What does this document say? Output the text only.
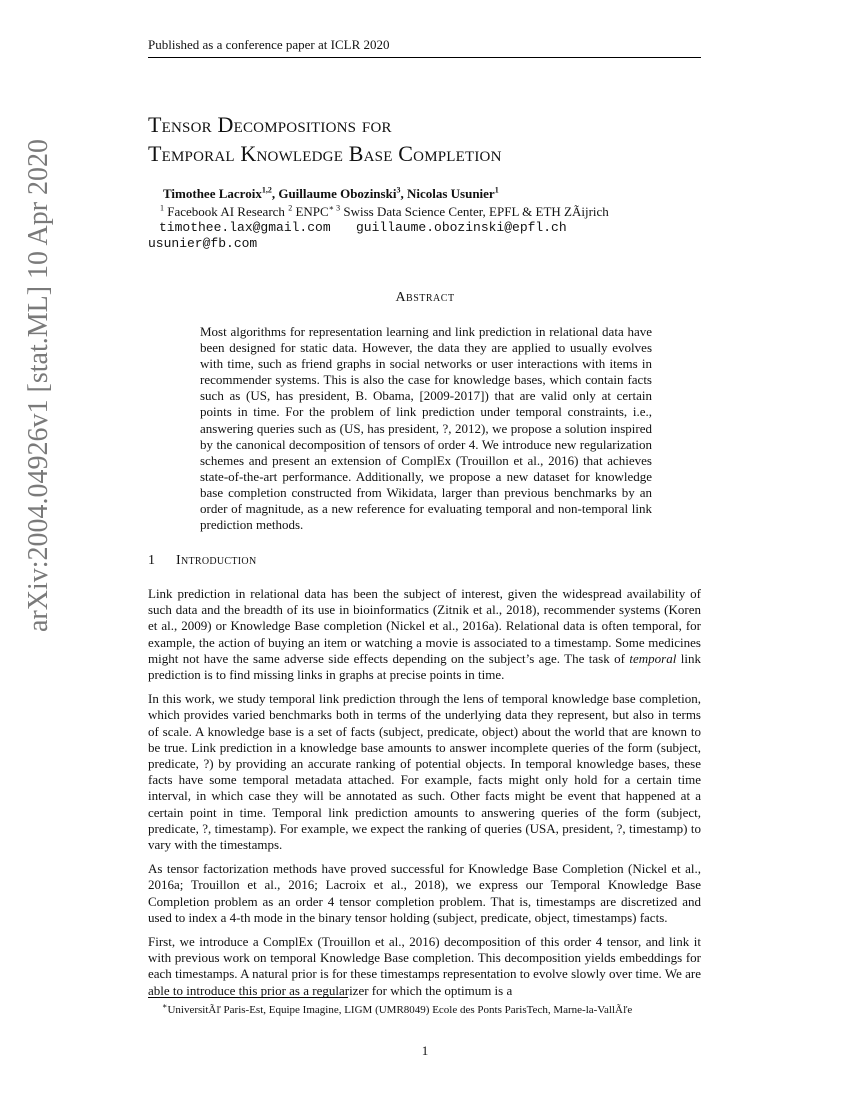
Published as a conference paper at ICLR 2020
arXiv:2004.04926v1 [stat.ML] 10 Apr 2020
Tensor Decompositions for
Temporal Knowledge Base Completion
Timothee Lacroix$^{1,2}$, Guillaume Obozinski$^3$, Nicolas Usunier$^1$
$^1$ Facebook AI Research $^2$ ENPC∗ $^3$ Swiss Data Science Center, EPFL & ETH ZÃijrich
timothee.lax@gmail.com guillaume.obozinski@epfl.ch
usunier@fb.com
Abstract
Most algorithms for representation learning and link prediction in relational data have been designed for static data. However, the data they are applied to usually evolves with time, such as friend graphs in social networks or user interactions with items in recommender systems. This is also the case for knowledge bases, which contain facts such as (US, has president, B. Obama, [2009-2017]) that are valid only at certain points in time. For the problem of link prediction under temporal constraints, i.e., answering queries such as (US, has president, ?, 2012), we propose a solution inspired by the canonical decomposition of tensors of order 4. We introduce new regularization schemes and present an extension of ComplEx (Trouillon et al., 2016) that achieves state-of-the-art performance. Additionally, we propose a new dataset for knowledge base completion constructed from Wikidata, larger than previous benchmarks by an order of magnitude, as a new reference for evaluating temporal and non-temporal link prediction methods.
1 Introduction

Link prediction in relational data has been the subject of interest, given the widespread availability of such data and the breadth of its use in bioinformatics (Zitnik et al., 2018), recommender systems (Koren et al., 2009) or Knowledge Base completion (Nickel et al., 2016a). Relational data is often temporal, for example, the action of buying an item or watching a movie is associated to a timestamp. Some medicines might not have the same adverse side effects depending on the subject’s age. The task of temporal link prediction is to find missing links in graphs at precise points in time.

In this work, we study temporal link prediction through the lens of temporal knowledge base completion, which provides varied benchmarks both in terms of the underlying data they represent, but also in terms of scale. A knowledge base is a set of facts (subject, predicate, object) about the world that are known to be true. Link prediction in a knowledge base amounts to answer incomplete queries of the form (subject, predicate, ?) by providing an accurate ranking of potential objects. In temporal knowledge bases, these facts have some temporal metadata attached. For example, facts might only hold for a certain time interval, in which case they will be annotated as such. Other facts might be event that happened at a certain point in time. Temporal link prediction amounts to answering queries of the form (subject, predicate, ?, timestamp). For example, we expect the ranking of queries (USA, president, ?, timestamp) to vary with the timestamps.

As tensor factorization methods have proved successful for Knowledge Base Completion (Nickel et al., 2016a; Trouillon et al., 2016; Lacroix et al., 2018), we express our Temporal Knowledge Base Completion problem as an order 4 tensor completion problem. That is, timestamps are discretized and used to index a 4-th mode in the binary tensor holding (subject, predicate, object, timestamps) facts.

First, we introduce a ComplEx (Trouillon et al., 2016) decomposition of this order 4 tensor, and link it with previous work on temporal Knowledge Base completion. This decomposition yields embeddings for each timestamps. A natural prior is for these timestamps representation to evolve slowly over time. We are able to introduce this prior as a regularizer for which the optimum is a

∗UniversitÃľ Paris-Est, Equipe Imagine, LIGM (UMR8049) Ecole des Ponts ParisTech, Marne-la-VallÃľe
1
